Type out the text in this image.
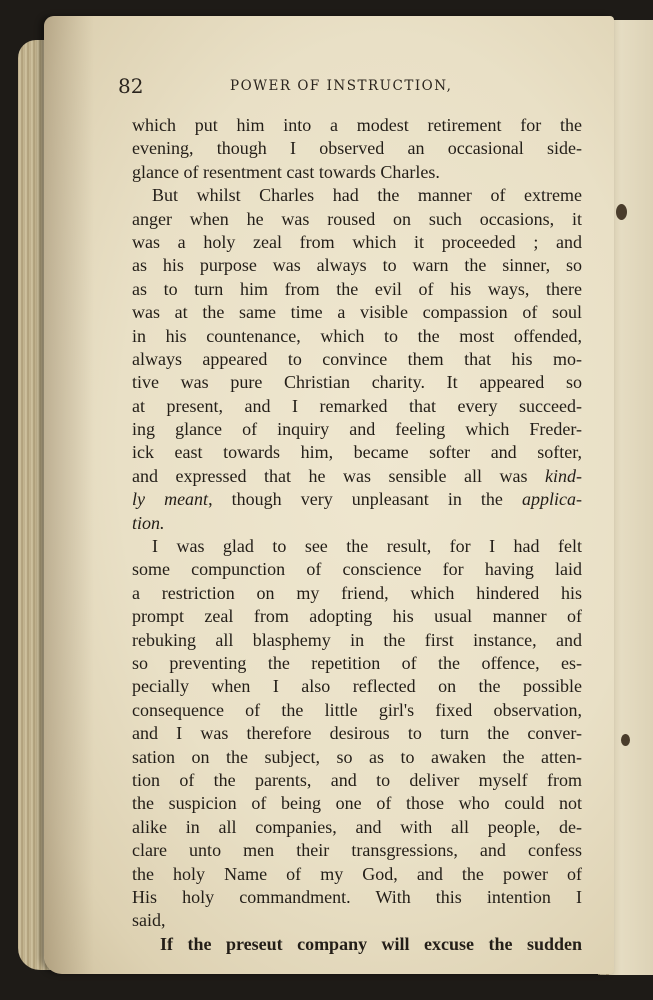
82	POWER OF INSTRUCTION,
which put him into a modest retirement for the
evening, though I observed an occasional side-
glance of resentment cast towards Charles.
But whilst Charles had the manner of extreme
anger when he was roused on such occasions, it
was a holy zeal from which it proceeded ; and
as his purpose was always to warn the sinner, so
as to turn him from the evil of his ways, there
was at the same time a visible compassion of soul
in his countenance, which to the most offended,
always appeared to convince them that his mo-
tive was pure Christian charity. It appeared so
at present, and I remarked that every succeed-
ing glance of inquiry and feeling which Freder-
ick east towards him, became softer and softer,
and expressed that he was sensible all was kind-
ly meant, though very unpleasant in the applica-
tion.
I was glad to see the result, for I had felt
some compunction of conscience for having laid
a restriction on my friend, which hindered his
prompt zeal from adopting his usual manner of
rebuking all blasphemy in the first instance, and
so preventing the repetition of the offence, es-
pecially when I also reflected on the possible
consequence of the little girl's fixed observation,
and I was therefore desirous to turn the conver-
sation on the subject, so as to awaken the atten-
tion of the parents, and to deliver myself from
the suspicion of being one of those who could not
alike in all companies, and with all people, de-
clare unto men their transgressions, and confess
the holy Name of my God, and the power of
His holy commandment. With this intention I
said,
If the preseut company will excuse the sudden
